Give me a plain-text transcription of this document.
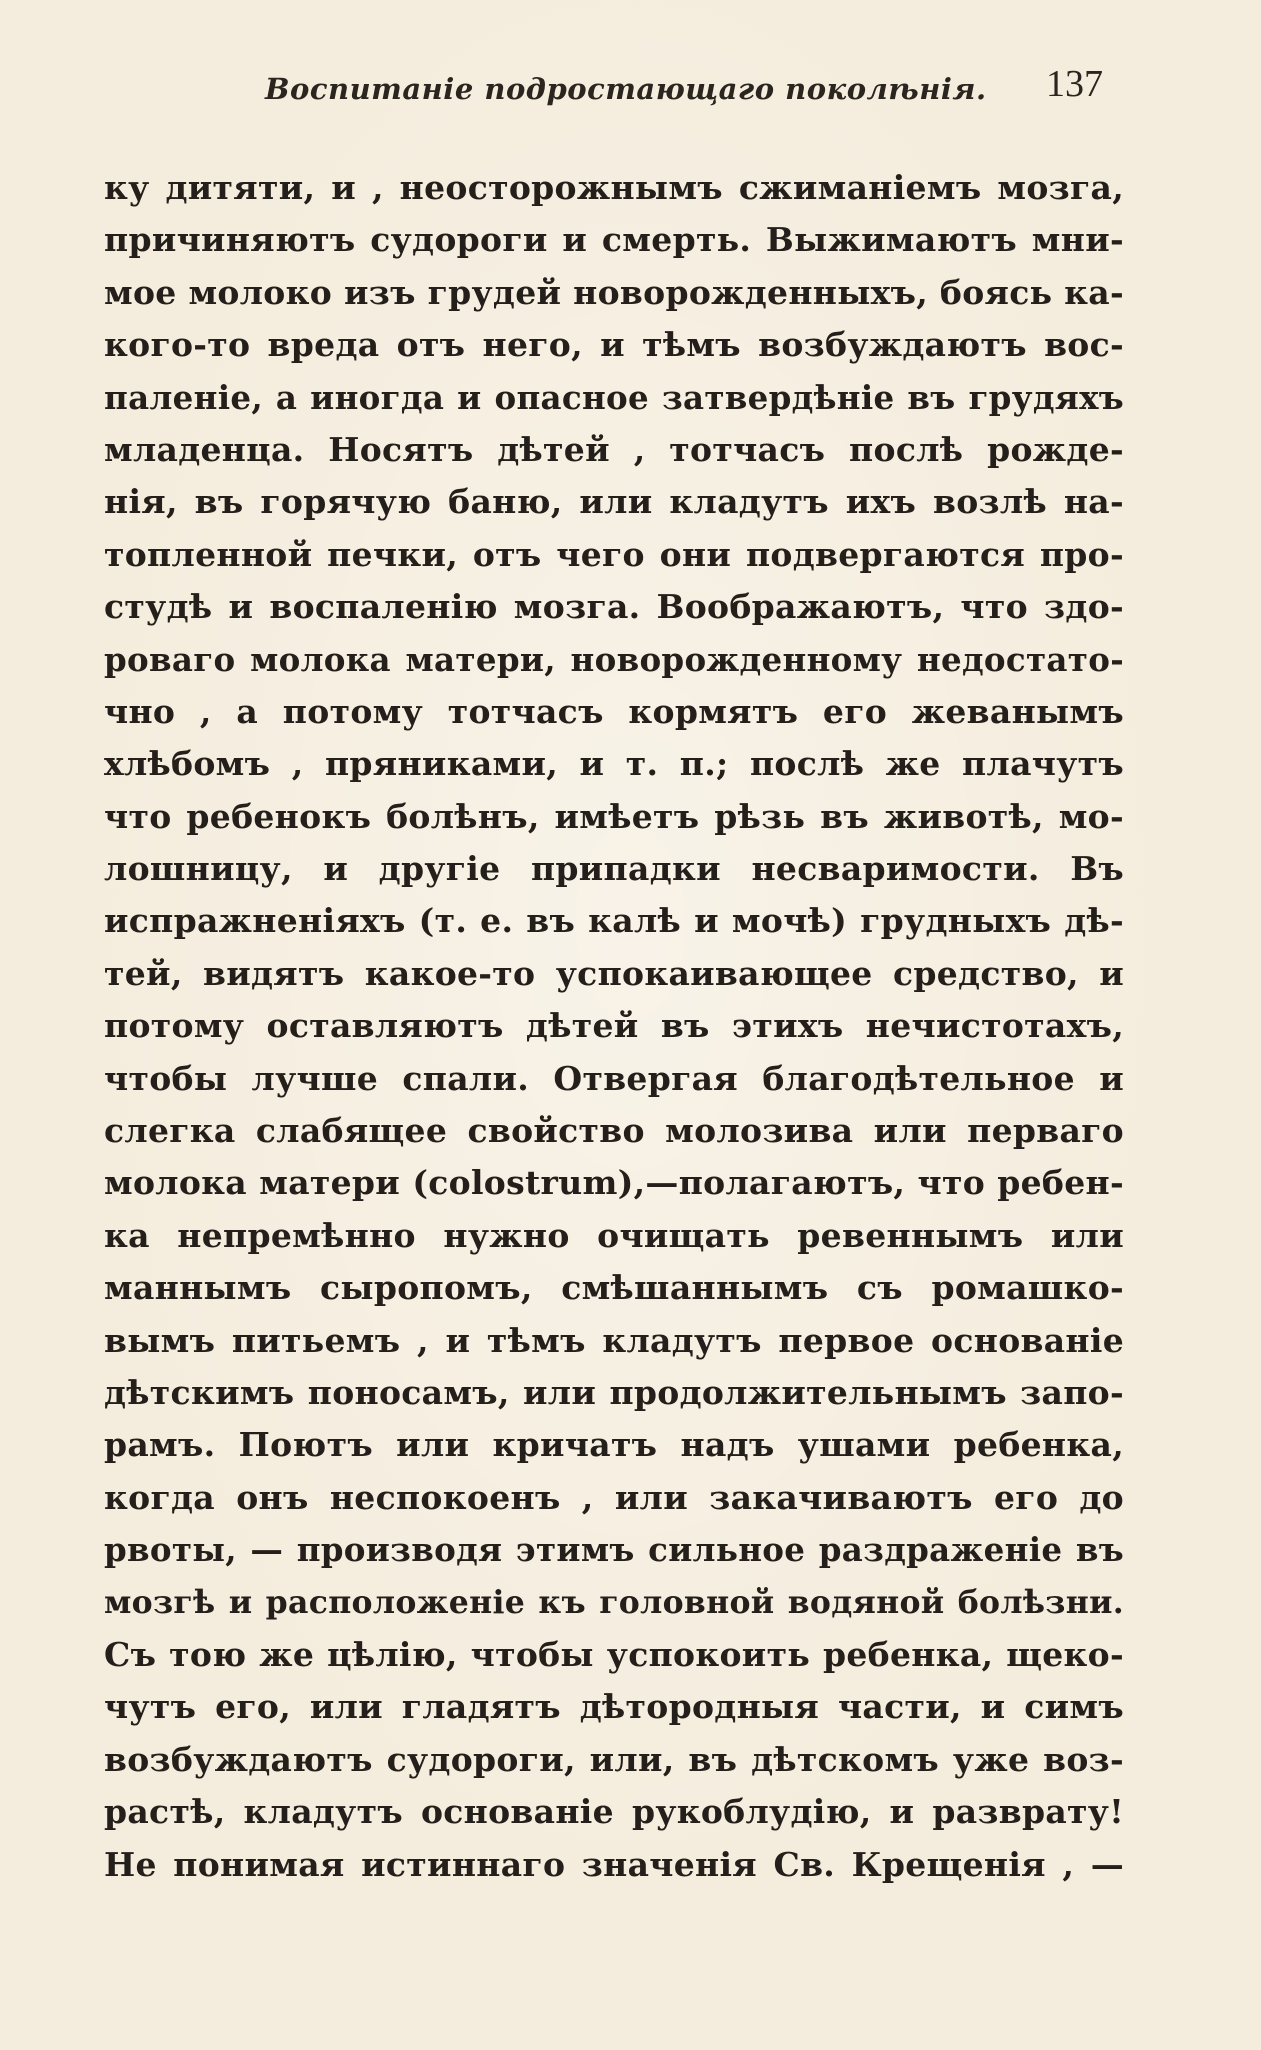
Воспитанiе подростающаго поколѣнiя. 137
ку дитяти, и , неосторожнымъ сжиманiемъ мозга,
причиняютъ судороги и смерть. Выжимаютъ мни-
мое молоко изъ грудей новорожденныхъ, боясь ка-
кого-то вреда отъ него, и тѣмъ возбуждаютъ вос-
паленiе, а иногда и опасное затвердѣнiе въ грудяхъ
младенца. Носятъ дѣтей , тотчасъ послѣ рожде-
нiя, въ горячую баню, или кладутъ ихъ возлѣ на-
топленной печки, отъ чего они подвергаются про-
студѣ и воспаленiю мозга. Воображаютъ, что здо-
роваго молока матери, новорожденному недостато-
чно , а потому тотчасъ кормятъ его жеванымъ
хлѣбомъ , пряниками, и т. п.; послѣ же плачутъ
что ребенокъ болѣнъ, имѣетъ рѣзь въ животѣ, мо-
лошницу, и другiе припадки несваримости. Въ
испражненiяхъ (т. е. въ калѣ и мочѣ) грудныхъ дѣ-
тей, видятъ какое-то успокаивающее средство, и
потому оставляютъ дѣтей въ этихъ нечистотахъ,
чтобы лучше спали. Отвергая благодѣтельное и
слегка слабящее свойство молозива или перваго
молока матери (colostrum),—полагаютъ, что ребен-
ка непремѣнно нужно очищать ревеннымъ или
маннымъ сыропомъ, смѣшаннымъ съ ромашко-
вымъ питьемъ , и тѣмъ кладутъ первое основанiе
дѣтскимъ поносамъ, или продолжительнымъ запо-
рамъ. Поютъ или кричатъ надъ ушами ребенка,
когда онъ неспокоенъ , или закачиваютъ его до
рвоты, — производя этимъ сильное раздраженiе въ
мозгѣ и расположенiе къ головной водяной болѣзни.
Съ тою же цѣлiю, чтобы успокоить ребенка, щеко-
чутъ его, или гладятъ дѣтородныя части, и симъ
возбуждаютъ судороги, или, въ дѣтскомъ уже воз-
растѣ, кладутъ основанiе рукоблудiю, и разврату!
Не понимая истиннаго значенiя Св. Крещенiя , —
